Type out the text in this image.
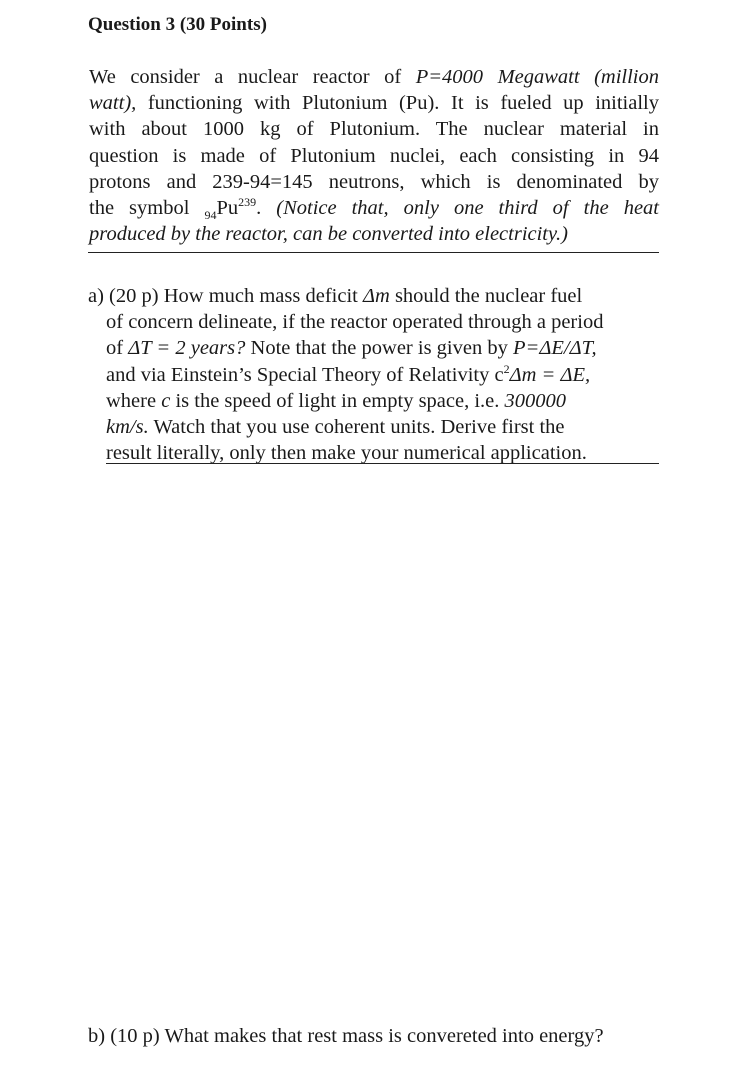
Question 3 (30 Points)
We consider a nuclear reactor of P=4000 Megawatt (million
watt), functioning with Plutonium (Pu). It is fueled up initially
with about 1000 kg of Plutonium. The nuclear material in
question is made of Plutonium nuclei, each consisting in 94
protons and 239-94=145 neutrons, which is denominated by
the symbol $_{94}Pu^{239}$. (Notice that, only one third of the heat
produced by the reactor, can be converted into electricity.)
a) (20 p) How much mass deficit Δm should the nuclear fuel
of concern delineate, if the reactor operated through a period
of ΔT = 2 years? Note that the power is given by P=ΔE/ΔT,
and via Einstein’s Special Theory of Relativity $c^2\Delta m = \Delta E$,
where c is the speed of light in empty space, i.e. 300000
km/s. Watch that you use coherent units. Derive first the
result literally, only then make your numerical application.
b) (10 p) What makes that rest mass is convereted into energy?
